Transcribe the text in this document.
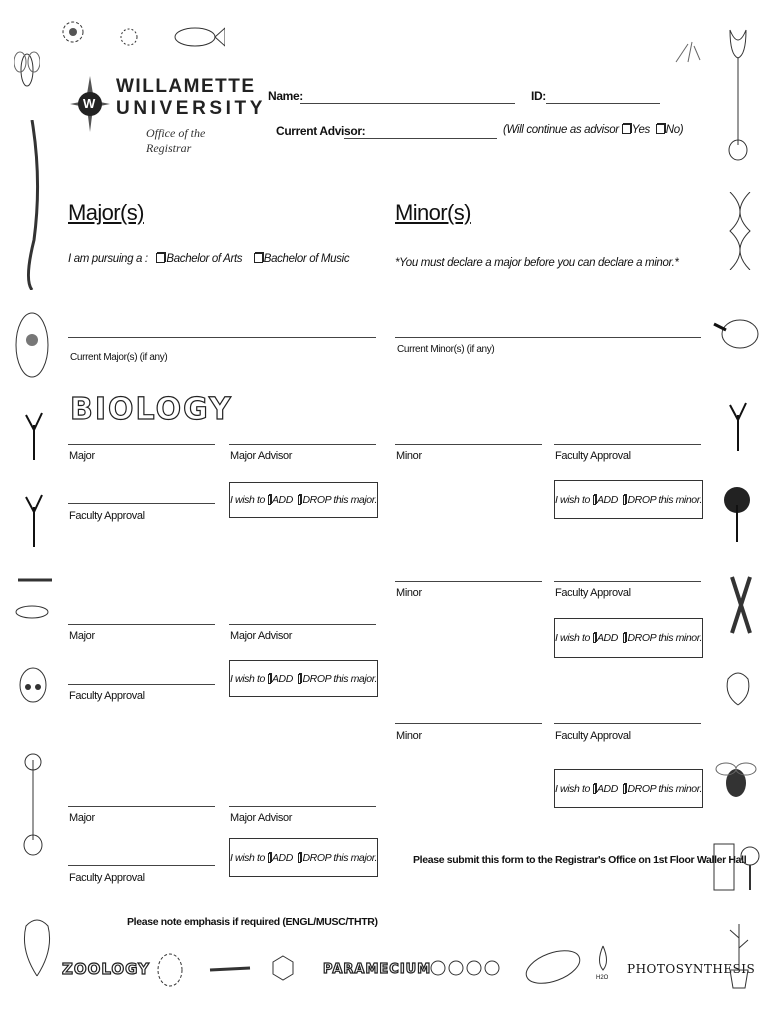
W
WILLAMETTE
UNIVERSITY
Office of the Registrar
Name:	ID:
Current Advisor:	(Will continue as advisor Yes No)
Major(s)	Minor(s)
I am pursuing a : Bachelor of Arts Bachelor of Music	*You must declare a major before you can declare a minor.*
Current Major(s) (if any)
Current Minor(s) (if any)
BIOLOGY
Major	Major Advisor
I wish to ADD
DROP this major.
Faculty Approval
Major	Major Advisor
I wish to ADD
DROP this major.
Faculty Approval
Major	Major Advisor
I wish to ADD
DROP this major.
Faculty Approval
Minor	Faculty Approval
I wish to ADD
DROP this minor.
Minor	Faculty Approval
I wish to ADD
DROP this minor.
Minor	Faculty Approval
I wish to ADD
DROP this minor.
Please submit this form to the Registrar's Office on 1st Floor Waller Hall
Please note emphasis if required (ENGL/MUSC/THTR)
ZOOLOGY	PARAMECIUM	PHOTOSYNTHESIS
H2O
